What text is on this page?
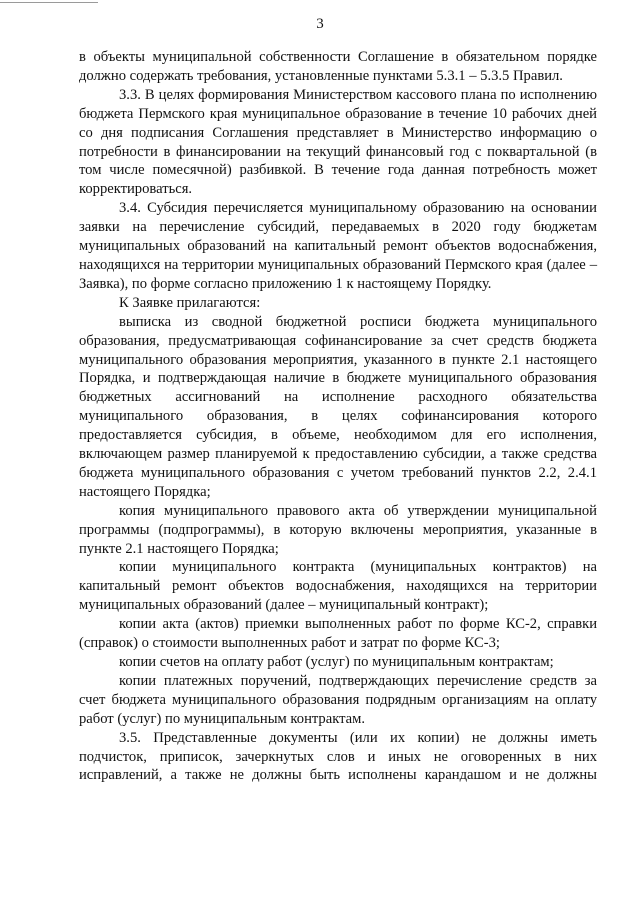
3

в объекты муниципальной собственности Соглашение в обязательном порядке должно содержать требования, установленные пунктами 5.3.1 – 5.3.5 Правил.

3.3. В целях формирования Министерством кассового плана по исполнению бюджета Пермского края муниципальное образование в течение 10 рабочих дней со дня подписания Соглашения представляет в Министерство информацию о потребности в финансировании на текущий финансовый год с поквартальной (в том числе помесячной) разбивкой. В течение года данная потребность может корректироваться.

3.4. Субсидия перечисляется муниципальному образованию на основании заявки на перечисление субсидий, передаваемых в 2020 году бюджетам муниципальных образований на капитальный ремонт объектов водоснабжения, находящихся на территории муниципальных образований Пермского края (далее – Заявка), по форме согласно приложению 1 к настоящему Порядку.

К Заявке прилагаются:

выписка из сводной бюджетной росписи бюджета муниципального образования, предусматривающая софинансирование за счет средств бюджета муниципального образования мероприятия, указанного в пункте 2.1 настоящего Порядка, и подтверждающая наличие в бюджете муниципального образования бюджетных ассигнований на исполнение расходного обязательства муниципального образования, в целях софинансирования которого предоставляется субсидия, в объеме, необходимом для его исполнения, включающем размер планируемой к предоставлению субсидии, а также средства бюджета муниципального образования с учетом требований пунктов 2.2, 2.4.1 настоящего Порядка;

копия муниципального правового акта об утверждении муниципальной программы (подпрограммы), в которую включены мероприятия, указанные в пункте 2.1 настоящего Порядка;

копии муниципального контракта (муниципальных контрактов) на капитальный ремонт объектов водоснабжения, находящихся на территории муниципальных образований (далее – муниципальный контракт);

копии акта (актов) приемки выполненных работ по форме КС-2, справки (справок) о стоимости выполненных работ и затрат по форме КС-3;

копии счетов на оплату работ (услуг) по муниципальным контрактам;

копии платежных поручений, подтверждающих перечисление средств за счет бюджета муниципального образования подрядным организациям на оплату работ (услуг) по муниципальным контрактам.

3.5. Представленные документы (или их копии) не должны иметь подчисток, приписок, зачеркнутых слов и иных не оговоренных в них исправлений, а также не должны быть исполнены карандашом и не должны
